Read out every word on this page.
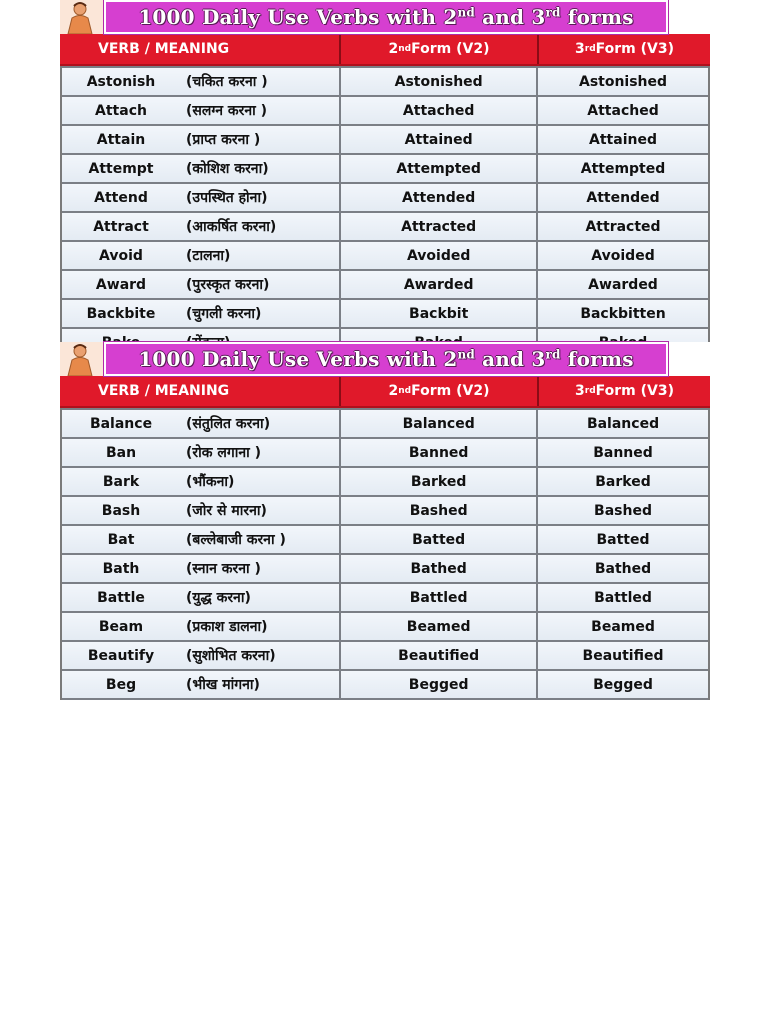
1000 Daily Use Verbs with 2nd and 3rd forms
VERB / MEANING	2 nd Form (V2)	3 rd Form (V3)
Astonish	(चकित करना )	Astonished	Astonished
Attach	(सलग्न करना )	Attached	Attached
Attain	(प्राप्त करना )	Attained	Attained
Attempt	(कोशिश करना)	Attempted	Attempted
Attend	(उपस्थित होना)	Attended	Attended
Attract	(आकर्षित करना)	Attracted	Attracted
Avoid	(टालना)	Avoided	Avoided
Award	(पुरस्कृत करना)	Awarded	Awarded
Backbite	(चुगली करना)	Backbit	Backbitten
1000 Daily Use Verbs with 2nd and 3rd forms
VERB / MEANING	2 nd Form (V2)	3 rd Form (V3)
Balance	(संतुलित करना)	Balanced	Balanced
Ban	(रोक लगाना )	Banned	Banned
Bark	(भौंकना)	Barked	Barked
Bash	(जोर से मारना)	Bashed	Bashed
Bat	(बल्लेबाजी करना )	Batted	Batted
Bath	(स्नान करना )	Bathed	Bathed
Battle	(युद्ध करना)	Battled	Battled
Beam	(प्रकाश डालना)	Beamed	Beamed
Beautify	(सुशोभित करना)	Beautified	Beautified
Beg	(भीख मांगना)	Begged	Begged
